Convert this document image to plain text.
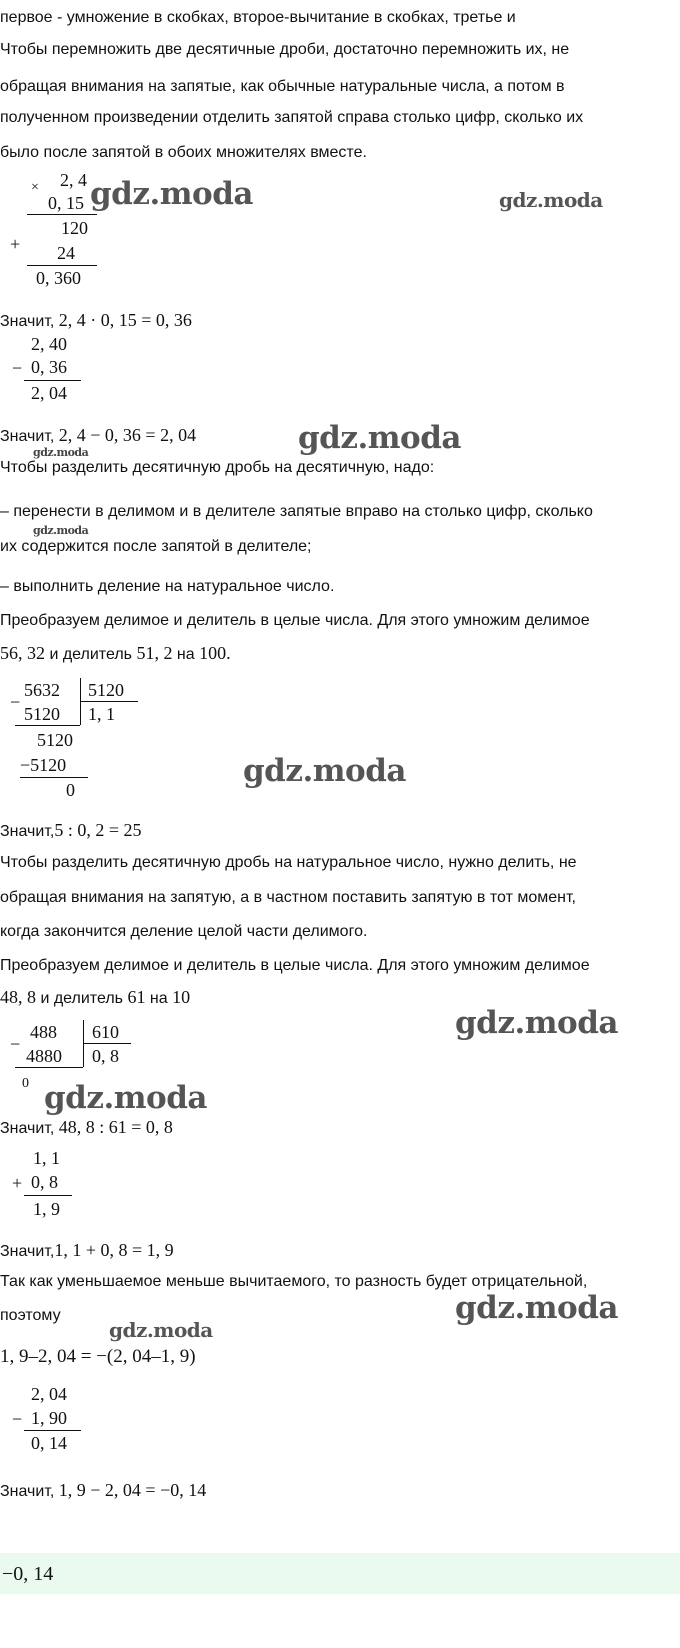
первое - умножение в скобках, второе-вычитание в скобках, третье и
Чтобы перемножить две десятичные дроби, достаточно перемножить их, не
обращая внимания на запятые, как обычные натуральные числа, а потом в
полученном произведении отделить запятой справа столько цифр, сколько их
было после запятой в обоих множителях вместе.
× 2, 4
0, 15
+
120
24
0, 360
Значит, 2, 4 · 0, 15 = 0, 36
2, 40
− 0, 36
2, 04
Значит, 2, 4 − 0, 36 = 2, 04
Чтобы разделить десятичную дробь на десятичную, надо:
– перенести в делимом и в делителе запятые вправо на столько цифр, сколько
их содержится после запятой в делителе;
– выполнить деление на натуральное число.
Преобразуем делимое и делитель в целые числа. Для этого умножим делимое
56, 32 и делитель 51, 2 на 100.
−
5632 5120
5120 1, 1
5120
−5120
0
Значит,5 : 0, 2 = 25
Чтобы разделить десятичную дробь на натуральное число, нужно делить, не
обращая внимания на запятую, а в частном поставить запятую в тот момент,
когда закончится деление целой части делимого.
Преобразуем делимое и делитель в целые числа. Для этого умножим делимое
48, 8 и делитель 61 на 10
−
488 610
4880 0, 8
0
Значит, 48, 8 : 61 = 0, 8
1, 1
+ 0, 8
1, 9
Значит,1, 1 + 0, 8 = 1, 9
Так как уменьшаемое меньше вычитаемого, то разность будет отрицательной,
поэтому
1, 9–2, 04 = −(2, 04–1, 9)
2, 04
− 1, 90
0, 14
Значит, 1, 9 − 2, 04 = −0, 14
−0, 14
gdz.moda	gdz.moda
gdz.moda
gdz.moda
gdz.moda
gdz.moda
gdz.moda
gdz.moda
gdz.moda
gdz.moda
